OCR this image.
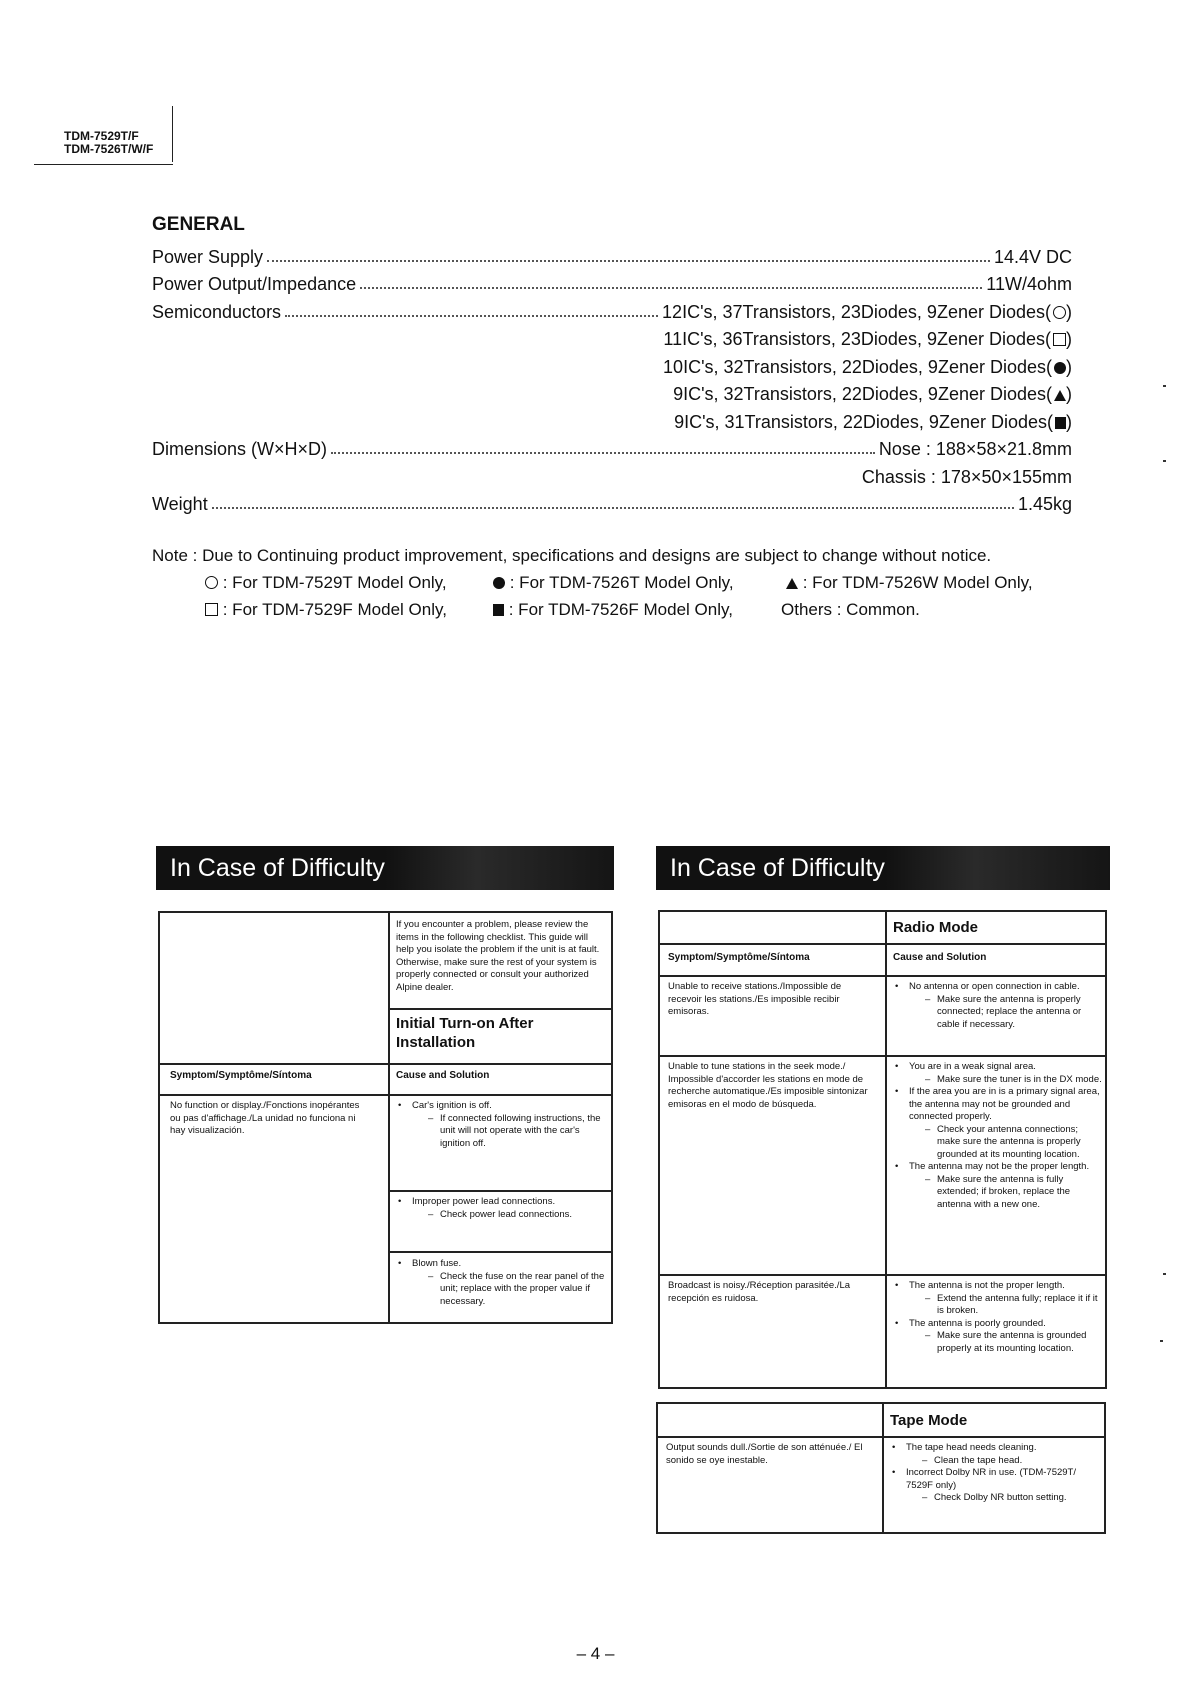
TDM-7529T/F
TDM-7526T/W/F
GENERAL
Power Supply	14.4V DC
Power Output/Impedance	11W/4ohm
Semiconductors	12IC's, 37Transistors, 23Diodes, 9Zener Diodes( )
11IC's, 36Transistors, 23Diodes, 9Zener Diodes( )
10IC's, 32Transistors, 22Diodes, 9Zener Diodes( )
9IC's, 32Transistors, 22Diodes, 9Zener Diodes( )
9IC's, 31Transistors, 22Diodes, 9Zener Diodes( )
Dimensions (W×H×D)	Nose : 188×58×21.8mm
Chassis : 178×50×155mm
Weight	1.45kg
Note : Due to Continuing product improvement, specifications and designs are subject to change without notice.
: For TDM-7529T Model Only,	: For TDM-7526T Model Only,	: For TDM-7526W Model Only,
: For TDM-7529F Model Only,	: For TDM-7526F Model Only,	Others : Common.
In Case of Difficulty
If you encounter a problem, please review the items in the following checklist. This guide will help you isolate the problem if the unit is at fault. Otherwise, make sure the rest of your system is properly connected or consult your authorized Alpine dealer.
Initial Turn-on After Installation
Symptom/Symptôme/Síntoma	Cause and Solution
No function or display./Fonctions inopérantes ou pas d'affichage./La unidad no funciona ni hay visualización.
• Car's ignition is off.
– If connected following instructions, the unit will not operate with the car's ignition off.
• Improper power lead connections.
– Check power lead connections.
• Blown fuse.
– Check the fuse on the rear panel of the unit; replace with the proper value if necessary.
In Case of Difficulty
Radio Mode
Symptom/Symptôme/Síntoma	Cause and Solution
Unable to receive stations./Impossible de recevoir les stations./Es imposible recibir emisoras.
• No antenna or open connection in cable.
– Make sure the antenna is properly connected; replace the antenna or cable if necessary.
Unable to tune stations in the seek mode./ Impossible d'accorder les stations en mode de recherche automatique./Es imposible sintonizar emisoras en el modo de búsqueda.
• You are in a weak signal area.
– Make sure the tuner is in the DX mode.
• If the area you are in is a primary signal area, the antenna may not be grounded and connected properly.
– Check your antenna connections; make sure the antenna is properly grounded at its mounting location.
• The antenna may not be the proper length.
– Make sure the antenna is fully extended; if broken, replace the antenna with a new one.
Broadcast is noisy./Réception parasitée./La recepción es ruidosa.
• The antenna is not the proper length.
– Extend the antenna fully; replace it if it is broken.
• The antenna is poorly grounded.
– Make sure the antenna is grounded properly at its mounting location.
Tape Mode
Output sounds dull./Sortie de son atténuée./ El sonido se oye inestable.
• The tape head needs cleaning.
– Clean the tape head.
• Incorrect Dolby NR in use. (TDM-7529T/ 7529F only)
– Check Dolby NR button setting.
– 4 –
